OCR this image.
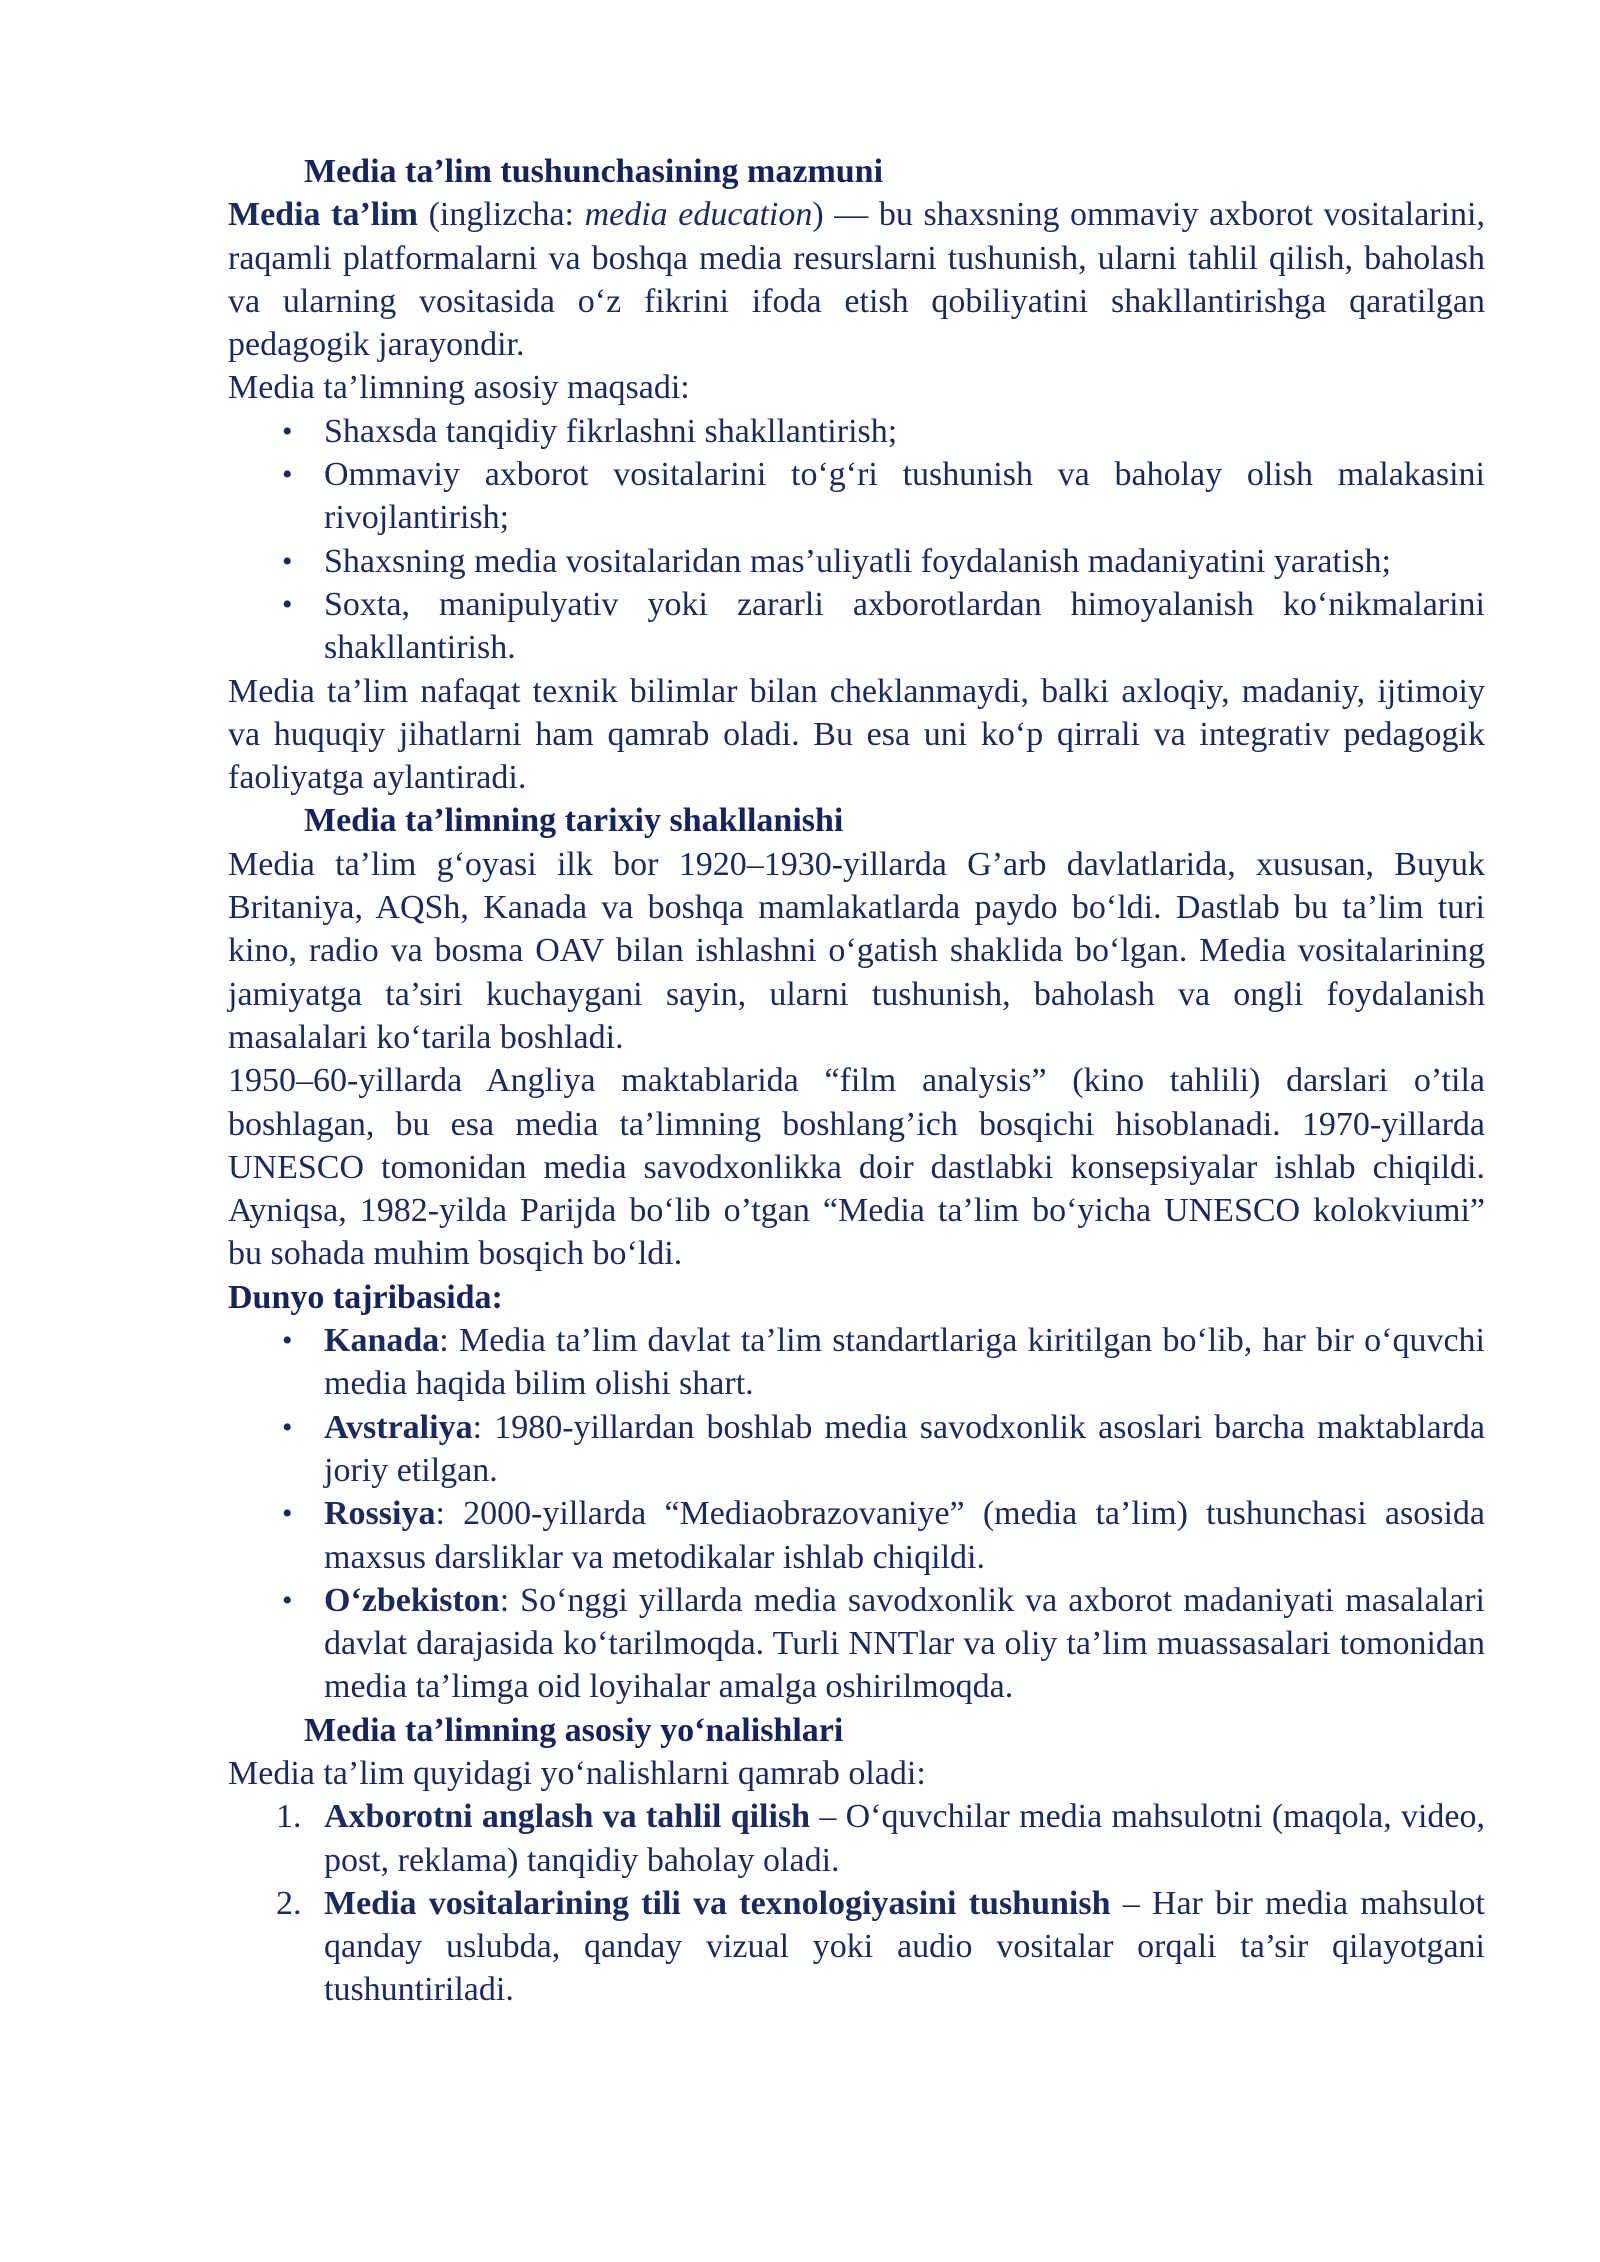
Media ta’lim tushunchasining mazmuni

Media ta’lim (inglizcha: media education) — bu shaxsning ommaviy axborot vositalarini, raqamli platformalarni va boshqa media resurslarni tushunish, ularni tahlil qilish, baholash va ularning vositasida o‘z fikrini ifoda etish qobiliyatini shakllantirishga qaratilgan pedagogik jarayondir.

Media ta’limning asosiy maqsadi:

• Shaxsda tanqidiy fikrlashni shakllantirish;
• Ommaviy axborot vositalarini to‘g‘ri tushunish va baholay olish malakasini rivojlantirish;
• Shaxsning media vositalaridan mas’uliyatli foydalanish madaniyatini yaratish;
• Soxta, manipulyativ yoki zararli axborotlardan himoyalanish ko‘nikmalarini shakllantirish.

Media ta’lim nafaqat texnik bilimlar bilan cheklanmaydi, balki axloqiy, madaniy, ijtimoiy va huquqiy jihatlarni ham qamrab oladi. Bu esa uni ko‘p qirrali va integrativ pedagogik faoliyatga aylantiradi.

Media ta’limning tarixiy shakllanishi

Media ta’lim g‘oyasi ilk bor 1920–1930-yillarda G’arb davlatlarida, xususan, Buyuk Britaniya, AQSh, Kanada va boshqa mamlakatlarda paydo bo‘ldi. Dastlab bu ta’lim turi kino, radio va bosma OAV bilan ishlashni o‘gatish shaklida bo‘lgan. Media vositalarining jamiyatga ta’siri kuchaygani sayin, ularni tushunish, baholash va ongli foydalanish masalalari ko‘tarila boshladi.

1950–60-yillarda Angliya maktablarida “film analysis” (kino tahlili) darslari o’tila boshlagan, bu esa media ta’limning boshlang’ich bosqichi hisoblanadi. 1970-yillarda UNESCO tomonidan media savodxonlikka doir dastlabki konsepsiyalar ishlab chiqildi. Ayniqsa, 1982-yilda Parijda bo‘lib o’tgan “Media ta’lim bo‘yicha UNESCO kolokviumi” bu sohada muhim bosqich bo‘ldi.

Dunyo tajribasida:

• Kanada: Media ta’lim davlat ta’lim standartlariga kiritilgan bo‘lib, har bir o‘quvchi media haqida bilim olishi shart.
• Avstraliya: 1980-yillardan boshlab media savodxonlik asoslari barcha maktablarda joriy etilgan.
• Rossiya: 2000-yillarda “Mediaobrazovaniye” (media ta’lim) tushunchasi asosida maxsus darsliklar va metodikalar ishlab chiqildi.
• O‘zbekiston: So‘nggi yillarda media savodxonlik va axborot madaniyati masalalari davlat darajasida ko‘tarilmoqda. Turli NNTlar va oliy ta’lim muassasalari tomonidan media ta’limga oid loyihalar amalga oshirilmoqda.

Media ta’limning asosiy yo‘nalishlari

Media ta’lim quyidagi yo‘nalishlarni qamrab oladi:

1. Axborotni anglash va tahlil qilish – O‘quvchilar media mahsulotni (maqola, video, post, reklama) tanqidiy baholay oladi.
2. Media vositalarining tili va texnologiyasini tushunish – Har bir media mahsulot qanday uslubda, qanday vizual yoki audio vositalar orqali ta’sir qilayotgani tushuntiriladi.
